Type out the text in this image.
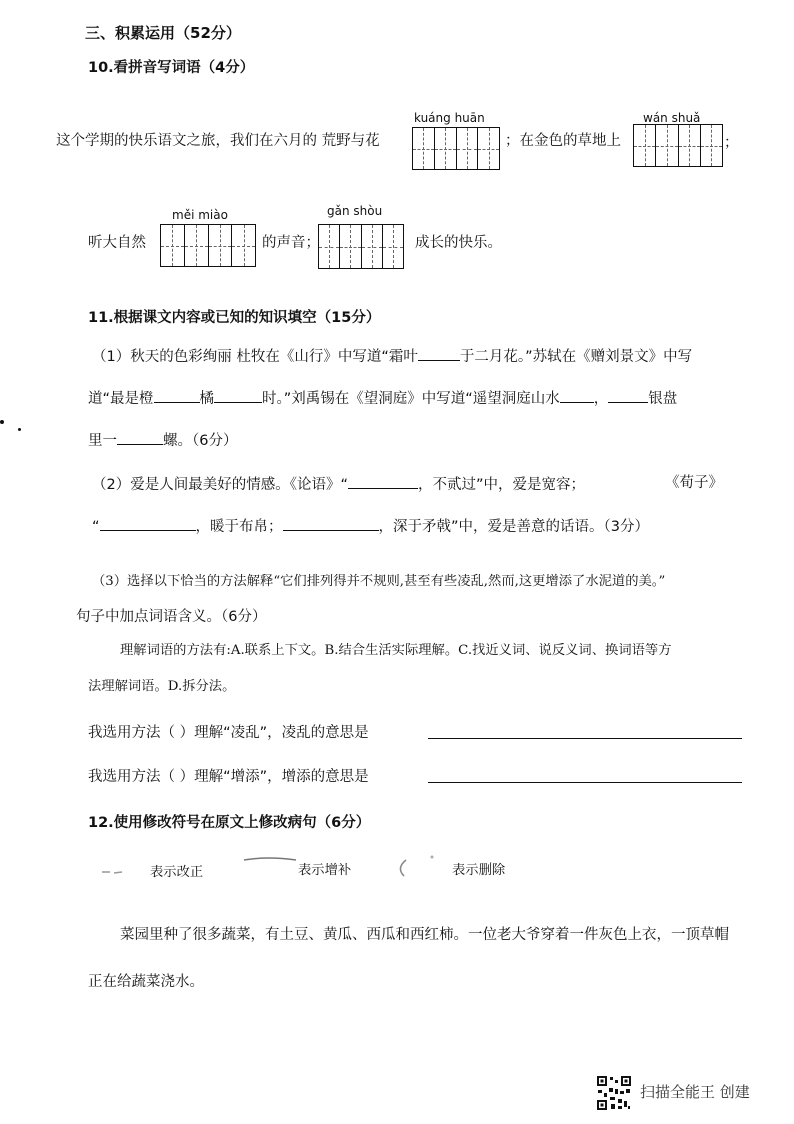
三、积累运用（52分）
10.看拼音写词语（4分）
kuáng huān	wán shuǎ
这个学期的快乐语文之旅，我们在六月的 荒野与花	；在金色的草地上	；
měi miào	gǎn shòu
听大自然	的声音；	成长的快乐。
11.根据课文内容或已知的知识填空（15分）
（1）秋天的色彩绚丽 杜牧在《山行》中写道“霜叶	于二月花。”苏轼在《赠刘景文》中写
道“最是橙	橘	时。”刘禹锡在《望洞庭》中写道“遥望洞庭山水 ，	银盘
里一	螺。（6分）
（2）爱是人间最美好的情感。《论语》“	，不贰过”中，爱是宽容；	《荀子》
“	，暖于布帛；	，深于矛戟”中，爱是善意的话语。（3分）
（3）选择以下恰当的方法解释“它们排列得并不规则,甚至有些凌乱,然而,这更增添了水泥道的美。”
句子中加点词语含义。（6分）
理解词语的方法有:A.联系上下文。B.结合生活实际理解。C.找近义词、说反义词、换词语等方
法理解词语。D.拆分法。
我选用方法（ ）理解“凌乱”，凌乱的意思是
我选用方法（ ）理解“增添”，增添的意思是
12.使用修改符号在原文上修改病句（6分）
表示改正	表示增补	表示删除
菜园里种了很多蔬菜，有土豆、黄瓜、西瓜和西红柿。一位老大爷穿着一件灰色上衣，一顶草帽
正在给蔬菜浇水。
扫描全能王 创建
